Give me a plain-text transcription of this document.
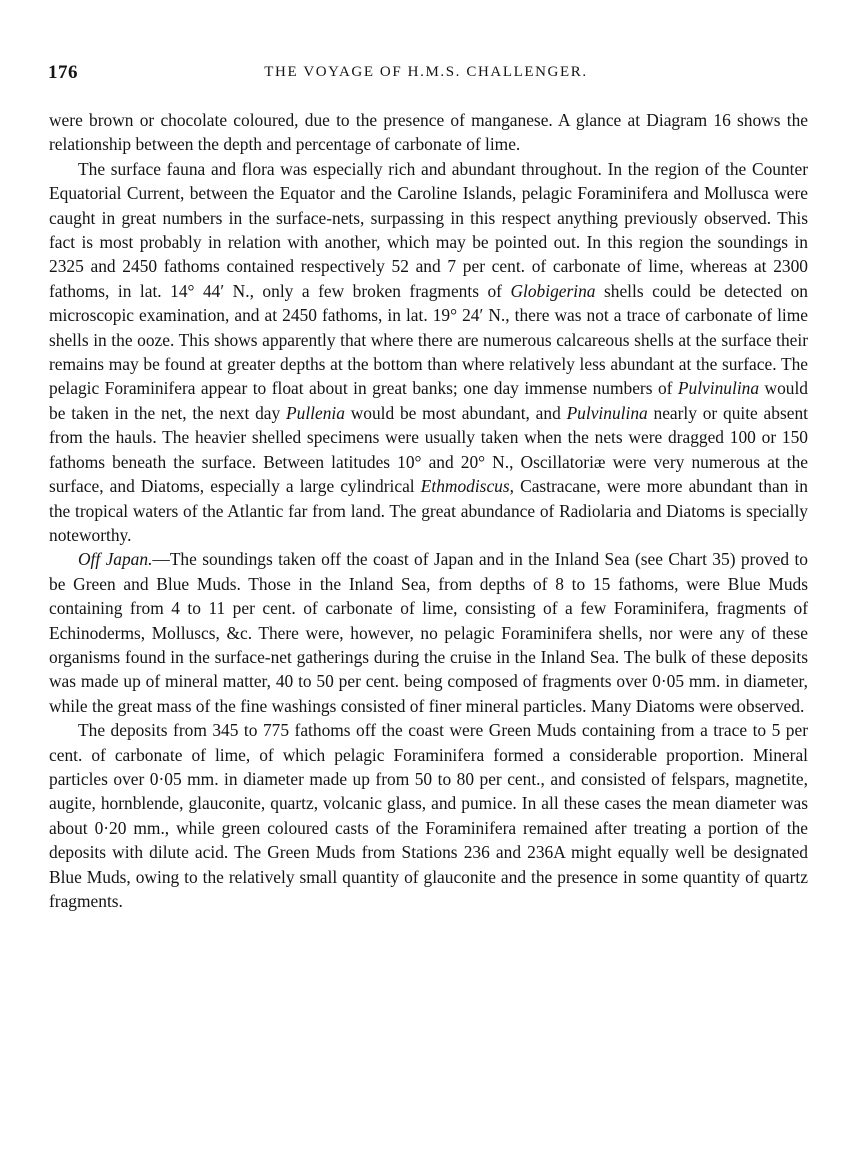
176	THE VOYAGE OF H.M.S. CHALLENGER.

were brown or chocolate coloured, due to the presence of manganese. A glance at Diagram 16 shows the relationship between the depth and percentage of carbonate of lime.

The surface fauna and flora was especially rich and abundant throughout. In the region of the Counter Equatorial Current, between the Equator and the Caroline Islands, pelagic Foraminifera and Mollusca were caught in great numbers in the surface-nets, surpassing in this respect anything previously observed. This fact is most probably in relation with another, which may be pointed out. In this region the soundings in 2325 and 2450 fathoms contained respectively 52 and 7 per cent. of carbonate of lime, whereas at 2300 fathoms, in lat. 14° 44′ N., only a few broken fragments of Globigerina shells could be detected on microscopic examination, and at 2450 fathoms, in lat. 19° 24′ N., there was not a trace of carbonate of lime shells in the ooze. This shows apparently that where there are numerous calcareous shells at the surface their remains may be found at greater depths at the bottom than where relatively less abundant at the surface. The pelagic Foraminifera appear to float about in great banks; one day immense numbers of Pulvinulina would be taken in the net, the next day Pullenia would be most abundant, and Pulvinulina nearly or quite absent from the hauls. The heavier shelled specimens were usually taken when the nets were dragged 100 or 150 fathoms beneath the surface. Between latitudes 10° and 20° N., Oscillatoriæ were very numerous at the surface, and Diatoms, especially a large cylindrical Ethmodiscus, Castracane, were more abundant than in the tropical waters of the Atlantic far from land. The great abundance of Radiolaria and Diatoms is specially noteworthy.

Off Japan.—The soundings taken off the coast of Japan and in the Inland Sea (see Chart 35) proved to be Green and Blue Muds. Those in the Inland Sea, from depths of 8 to 15 fathoms, were Blue Muds containing from 4 to 11 per cent. of carbonate of lime, consisting of a few Foraminifera, fragments of Echinoderms, Molluscs, &c. There were, however, no pelagic Foraminifera shells, nor were any of these organisms found in the surface-net gatherings during the cruise in the Inland Sea. The bulk of these deposits was made up of mineral matter, 40 to 50 per cent. being composed of fragments over 0·05 mm. in diameter, while the great mass of the fine washings consisted of finer mineral particles. Many Diatoms were observed.

The deposits from 345 to 775 fathoms off the coast were Green Muds containing from a trace to 5 per cent. of carbonate of lime, of which pelagic Foraminifera formed a considerable proportion. Mineral particles over 0·05 mm. in diameter made up from 50 to 80 per cent., and consisted of felspars, magnetite, augite, hornblende, glauconite, quartz, volcanic glass, and pumice. In all these cases the mean diameter was about 0·20 mm., while green coloured casts of the Foraminifera remained after treating a portion of the deposits with dilute acid. The Green Muds from Stations 236 and 236A might equally well be designated Blue Muds, owing to the relatively small quantity of glauconite and the presence in some quantity of quartz fragments.
